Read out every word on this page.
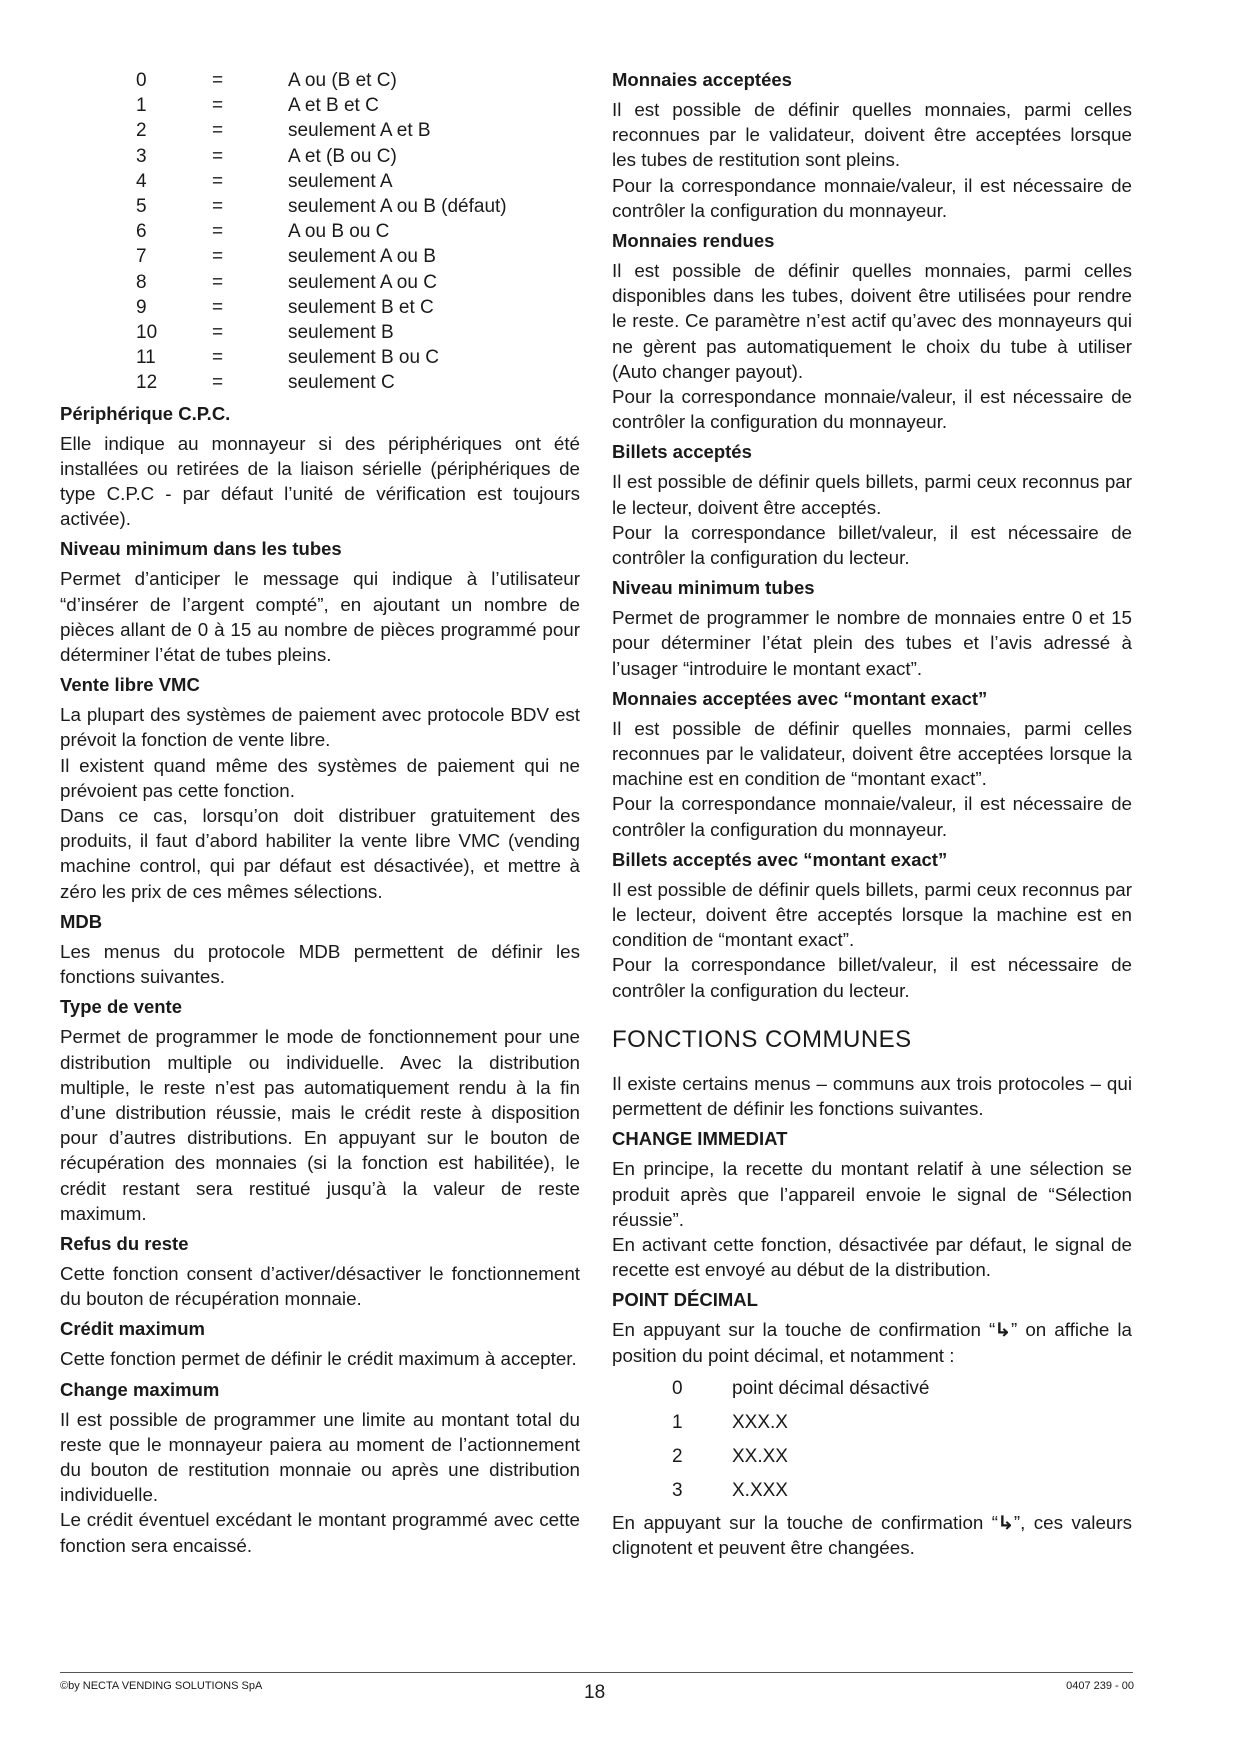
0	=	A ou (B et C)
1	=	A et B et C
2	=	seulement A et B
3	=	A et (B ou C)
4	=	seulement A
5	=	seulement A ou B (défaut)
6	=	A ou B ou C
7	=	seulement A ou B
8	=	seulement A ou C
9	=	seulement B et C
10	=	seulement B
11	=	seulement B ou C
12	=	seulement C
Périphérique C.P.C.

Elle indique au monnayeur si des périphériques ont été installées ou retirées de la liaison sérielle (périphériques de type C.P.C - par défaut l’unité de vérification est toujours activée).

Niveau minimum dans les tubes

Permet d’anticiper le message qui indique à l’utilisateur “d’insérer de l’argent compté”, en ajoutant un nombre de pièces allant de 0 à 15 au nombre de pièces programmé pour déterminer l’état de tubes pleins.

Vente libre VMC

La plupart des systèmes de paiement avec protocole BDV est prévoit la fonction de vente libre.

Il existent quand même des systèmes de paiement qui ne prévoient pas cette fonction.

Dans ce cas, lorsqu’on doit distribuer gratuitement des produits, il faut d’abord habiliter la vente libre VMC (vending machine control, qui par défaut est désactivée), et mettre à zéro les prix de ces mêmes sélections.

MDB

Les menus du protocole MDB permettent de définir les fonctions suivantes.

Type de vente

Permet de programmer le mode de fonctionnement pour une distribution multiple ou individuelle. Avec la distribution multiple, le reste n’est pas automatiquement rendu à la fin d’une distribution réussie, mais le crédit reste à disposition pour d’autres distributions. En appuyant sur le bouton de récupération des monnaies (si la fonction est habilitée), le crédit restant sera restitué jusqu’à la valeur de reste maximum.

Refus du reste

Cette fonction consent d’activer/désactiver le fonctionnement du bouton de récupération monnaie.

Crédit maximum

Cette fonction permet de définir le crédit maximum à accepter.

Change maximum

Il est possible de programmer une limite au montant total du reste que le monnayeur paiera au moment de l’actionnement du bouton de restitution monnaie ou après une distribution individuelle.

Le crédit éventuel excédant le montant programmé avec cette fonction sera encaissé.

Monnaies acceptées

Il est possible de définir quelles monnaies, parmi celles reconnues par le validateur, doivent être acceptées lorsque les tubes de restitution sont pleins.

Pour la correspondance monnaie/valeur, il est nécessaire de contrôler la configuration du monnayeur.

Monnaies rendues

Il est possible de définir quelles monnaies, parmi celles disponibles dans les tubes, doivent être utilisées pour rendre le reste. Ce paramètre n’est actif qu’avec des monnayeurs qui ne gèrent pas automatiquement le choix du tube à utiliser (Auto changer payout).

Pour la correspondance monnaie/valeur, il est nécessaire de contrôler la configuration du monnayeur.

Billets acceptés

Il est possible de définir quels billets, parmi ceux reconnus par le lecteur, doivent être acceptés.

Pour la correspondance billet/valeur, il est nécessaire de contrôler la configuration du lecteur.

Niveau minimum tubes

Permet de programmer le nombre de monnaies entre 0 et 15 pour déterminer l’état plein des tubes et l’avis adressé à l’usager “introduire le montant exact”.

Monnaies acceptées avec “montant exact”

Il est possible de définir quelles monnaies, parmi celles reconnues par le validateur, doivent être acceptées lorsque la machine est en condition de “montant exact”.

Pour la correspondance monnaie/valeur, il est nécessaire de contrôler la configuration du monnayeur.

Billets acceptés avec “montant exact”

Il est possible de définir quels billets, parmi ceux reconnus par le lecteur, doivent être acceptés lorsque la machine est en condition de “montant exact”.

Pour la correspondance billet/valeur, il est nécessaire de contrôler la configuration du lecteur.

FONCTIONS COMMUNES

Il existe certains menus – communs aux trois protocoles – qui permettent de définir les fonctions suivantes.

CHANGE IMMEDIAT

En principe, la recette du montant relatif à une sélection se produit après que l’appareil envoie le signal de “Sélection réussie”.

En activant cette fonction, désactivée par défaut, le signal de recette est envoyé au début de la distribution.

POINT DÉCIMAL

En appuyant sur la touche de confirmation “↳” on affiche la position du point décimal, et notamment :

0	point décimal désactivé
1	XXX.X
2	XX.XX
3	X.XXX

En appuyant sur la touche de confirmation “↳”, ces valeurs clignotent et peuvent être changées.

©by NECTA VENDING SOLUTIONS SpA	18	0407 239 - 00
